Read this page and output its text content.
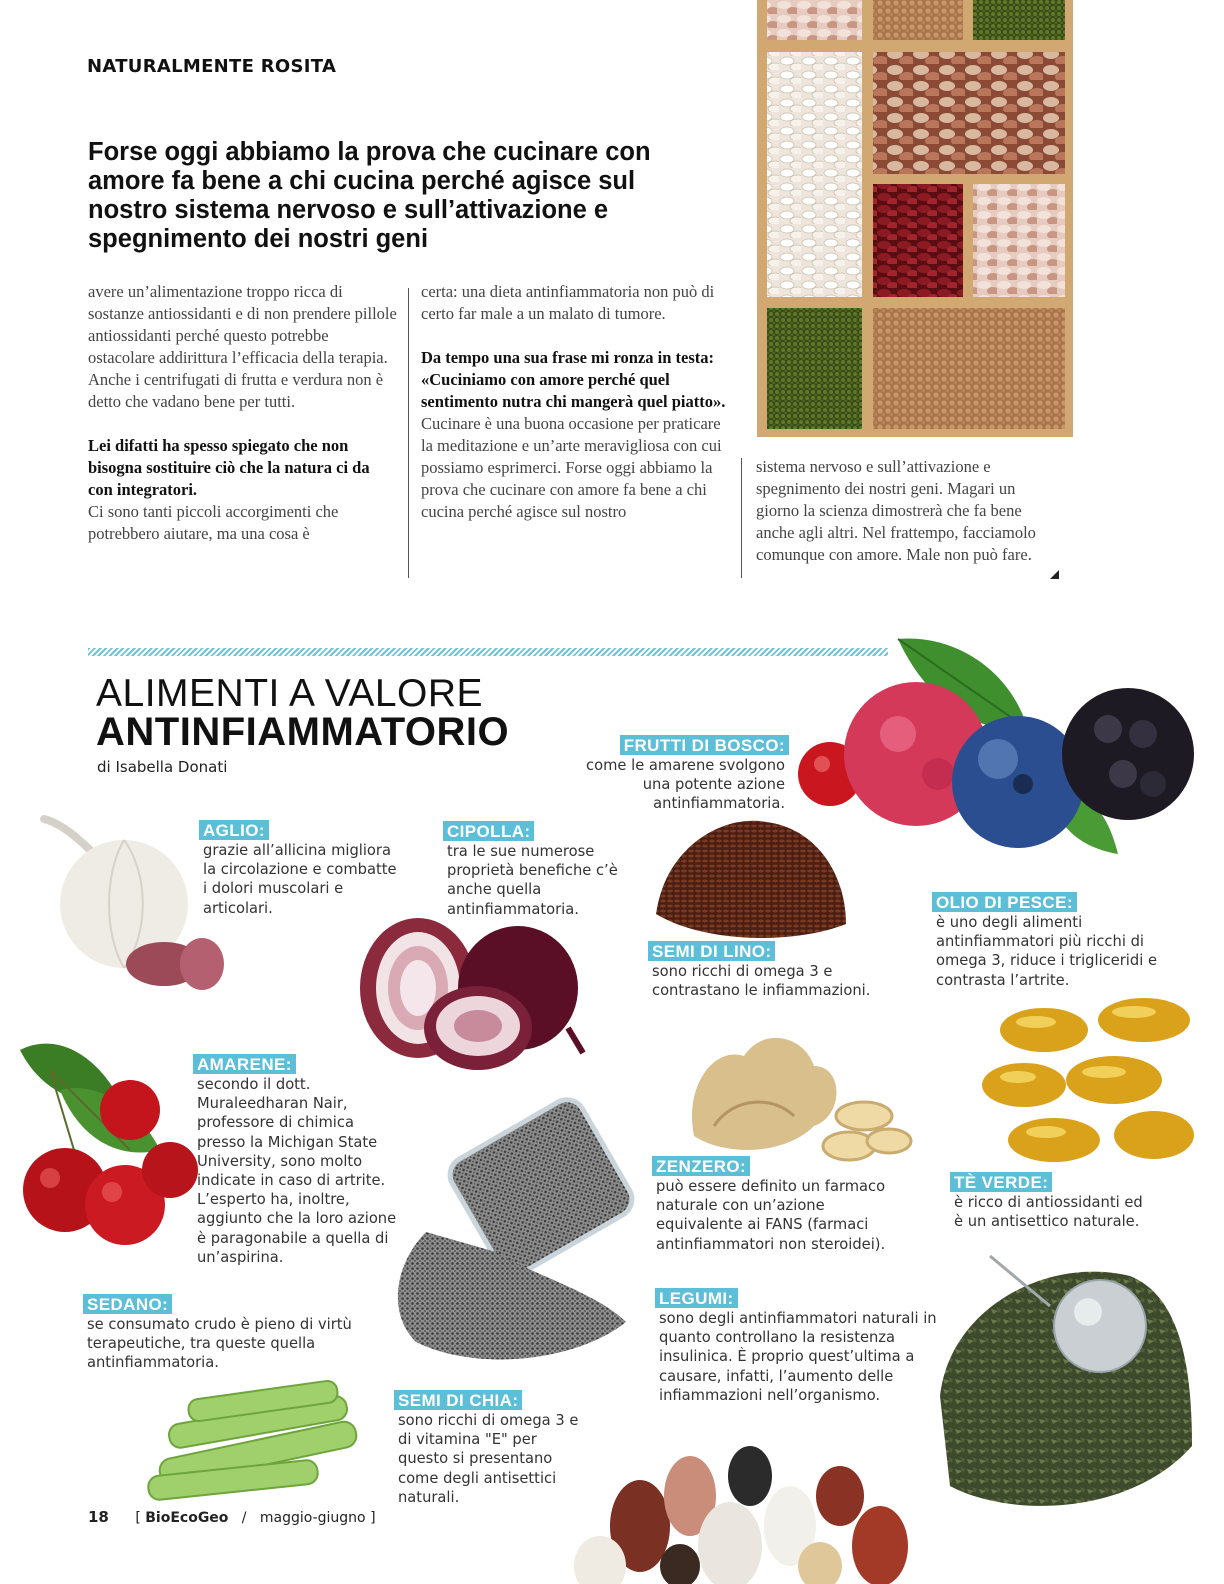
NATURALMENTE ROSITA
Forse oggi abbiamo la prova che cucinare con amore fa bene a chi cucina perché agisce sul nostro sistema nervoso e sull’attivazione e spegnimento dei nostri geni

avere un’alimentazione troppo ricca di sostanze antiossidanti e di non prendere pillole antiossidanti perché questo potrebbe ostacolare addirittura l’efficacia della terapia. Anche i centrifugati di frutta e verdura non è detto che vadano bene per tutti.

Lei difatti ha spesso spiegato che non bisogna sostituire ciò che la natura ci da con integratori.

Ci sono tanti piccoli accorgimenti che potrebbero aiutare, ma una cosa è

certa: una dieta antinfiammatoria non può di certo far male a un malato di tumore.

Da tempo una sua frase mi ronza in testa: «Cuciniamo con amore perché quel sentimento nutra chi mangerà quel piatto».

Cucinare è una buona occasione per praticare la meditazione e un’arte meravigliosa con cui possiamo esprimerci. Forse oggi abbiamo la prova che cucinare con amore fa bene a chi cucina perché agisce sul nostro

sistema nervoso e sull’attivazione e spegnimento dei nostri geni. Magari un giorno la scienza dimostrerà che fa bene anche agli altri. Nel frattempo, facciamolo comunque con amore. Male non può fare.

ALIMENTI A VALORE
ANTINFIAMMATORIO
di Isabella Donati
FRUTTI DI BOSCO:
come le amarene svolgono una potente azione antinfiammatoria.
AGLIO:
grazie all’allicina migliora la circolazione e combatte i dolori muscolari e articolari.
CIPOLLA:
tra le sue numerose proprietà benefiche c’è anche quella antinfiammatoria.
SEMI DI LINO:
sono ricchi di omega 3 e contrastano le infiammazioni.
OLIO DI PESCE:
è uno degli alimenti antinfiammatori più ricchi di omega 3, riduce i trigliceridi e contrasta l’artrite.
AMARENE:
secondo il dott. Muraleedharan Nair, professore di chimica presso la Michigan State University, sono molto indicate in caso di artrite. L’esperto ha, inoltre, aggiunto che la loro azione è paragonabile a quella di un’aspirina.
ZENZERO:
può essere definito un farmaco naturale con un’azione equivalente ai FANS (farmaci antinfiammatori non steroidei).
TÈ VERDE:
è ricco di antiossidanti ed è un antisettico naturale.
SEDANO:
se consumato crudo è pieno di virtù terapeutiche, tra queste quella antinfiammatoria.
LEGUMI:
sono degli antinfiammatori naturali in quanto controllano la resistenza insulinica. È proprio quest’ultima a causare, infatti, l’aumento delle infiammazioni nell’organismo.
SEMI DI CHIA:
sono ricchi di omega 3 e di vitamina "E" per questo si presentano come degli antisettici naturali.
18 [ BioEcoGeo / maggio-giugno ]
